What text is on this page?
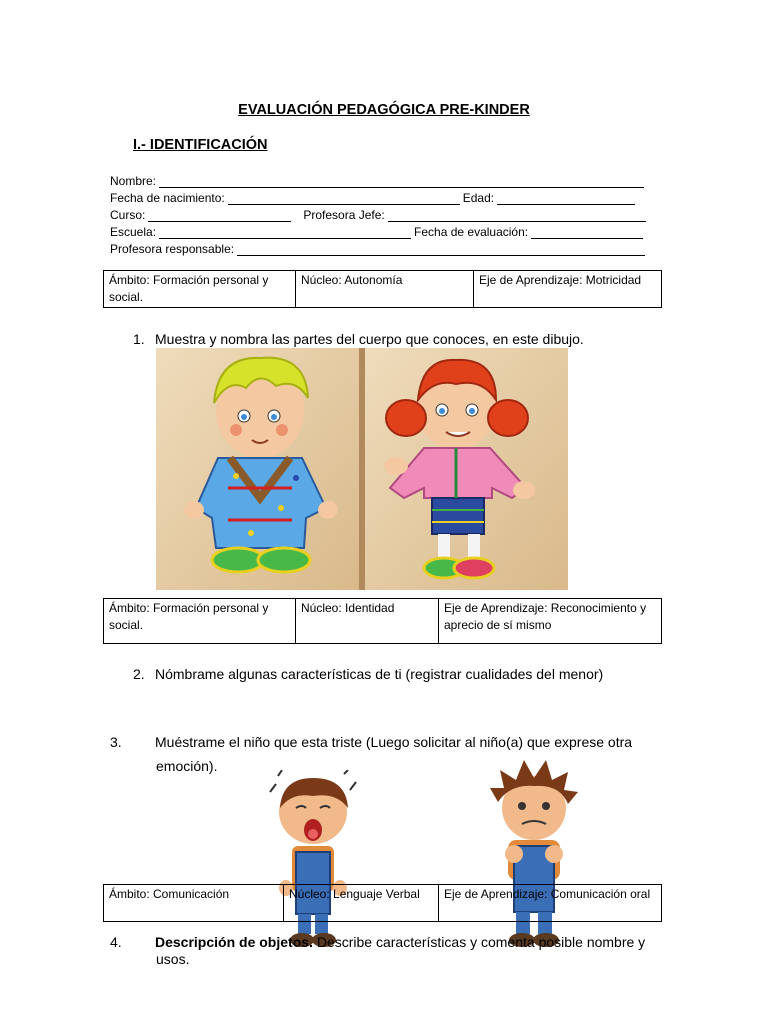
EVALUACIÓN PEDAGÓGICA PRE-KINDER
I.- IDENTIFICACIÓN
Nombre:
Fecha de nacimiento:	Edad:
Curso:	Profesora Jefe:
Escuela:	Fecha de evaluación:
Profesora responsable:
Ámbito: Formación personal y social.	Núcleo: Autonomía	Eje de Aprendizaje: Motricidad
1. Muestra y nombra las partes del cuerpo que conoces, en este dibujo.
Ámbito: Formación personal y social.	Núcleo: Identidad	Eje de Aprendizaje: Reconocimiento y aprecio de sí mismo
2. Nómbrame algunas características de ti (registrar cualidades del menor)
3. Muéstrame el niño que esta triste (Luego solicitar al niño(a) que exprese otra emoción).
Ámbito: Comunicación	Núcleo: Lenguaje Verbal	Eje de Aprendizaje: Comunicación oral
4. Descripción de objetos. Describe características y comenta posible nombre y usos.
